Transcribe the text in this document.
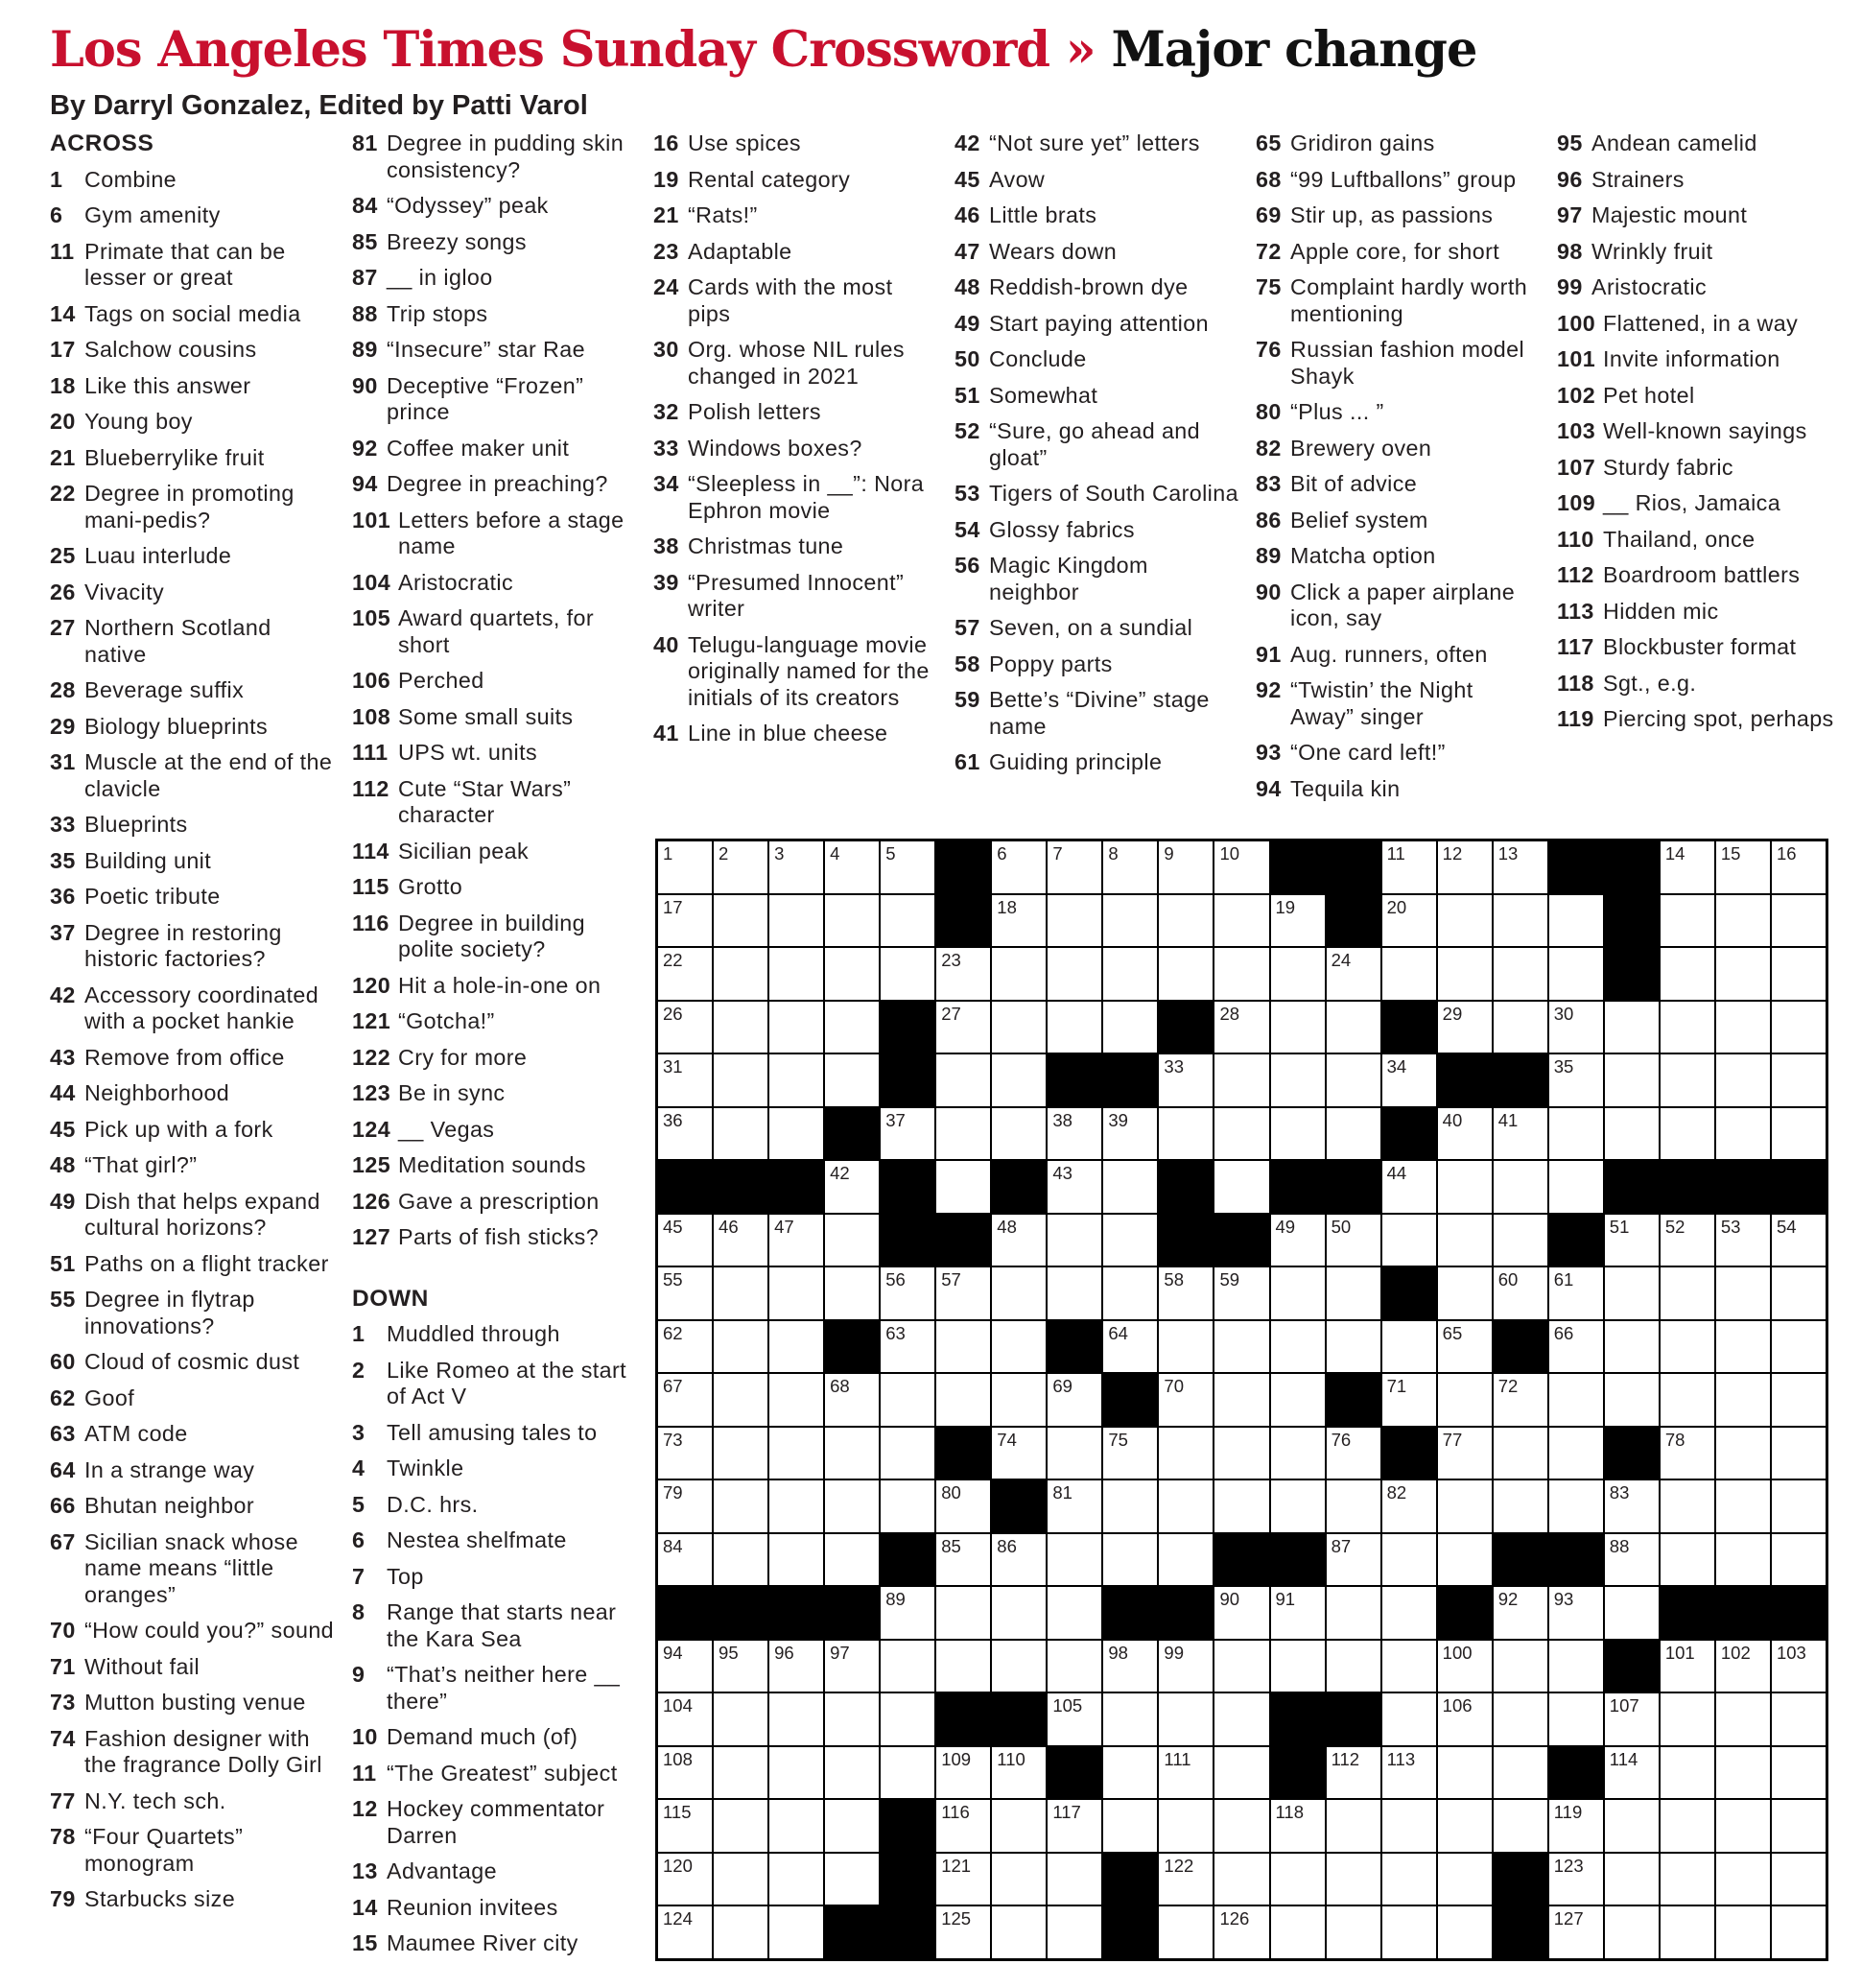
Los Angeles Times Sunday Crossword » Major change
By Darryl Gonzalez, Edited by Patti Varol
ACROSS
1 Combine
6 Gym amenity
11 Primate that can be lesser or great
14 Tags on social media
17 Salchow cousins
18 Like this answer
20 Young boy
21 Blueberrylike fruit
22 Degree in promoting mani-pedis?
25 Luau interlude
26 Vivacity
27 Northern Scotland native
28 Beverage suffix
29 Biology blueprints
31 Muscle at the end of the clavicle
33 Blueprints
35 Building unit
36 Poetic tribute
37 Degree in restoring historic factories?
42 Accessory coordinated with a pocket hankie
43 Remove from office
44 Neighborhood
45 Pick up with a fork
48 “That girl?”
49 Dish that helps expand cultural horizons?
51 Paths on a flight tracker
55 Degree in flytrap innovations?
60 Cloud of cosmic dust
62 Goof
63 ATM code
64 In a strange way
66 Bhutan neighbor
67 Sicilian snack whose name means “little oranges”
70 “How could you?” sound
71 Without fail
73 Mutton busting venue
74 Fashion designer with the fragrance Dolly Girl
77 N.Y. tech sch.
78 “Four Quartets” monogram
79 Starbucks size
81 Degree in pudding skin consistency?
84 “Odyssey” peak
85 Breezy songs
87 __ in igloo
88 Trip stops
89 “Insecure” star Rae
90 Deceptive “Frozen” prince
92 Coffee maker unit
94 Degree in preaching?
101 Letters before a stage name
104 Aristocratic
105 Award quartets, for short
106 Perched
108 Some small suits
111 UPS wt. units
112 Cute “Star Wars” character
114 Sicilian peak
115 Grotto
116 Degree in building polite society?
120 Hit a hole-in-one on
121 “Gotcha!”
122 Cry for more
123 Be in sync
124 __ Vegas
125 Meditation sounds
126 Gave a prescription
127 Parts of fish sticks?
DOWN
1 Muddled through
2 Like Romeo at the start of Act V
3 Tell amusing tales to
4 Twinkle
5 D.C. hrs.
6 Nestea shelfmate
7 Top
8 Range that starts near the Kara Sea
9 “That’s neither here __ there”
10 Demand much (of)
11 “The Greatest” subject
12 Hockey commentator Darren
13 Advantage
14 Reunion invitees
15 Maumee River city
16 Use spices
19 Rental category
21 “Rats!”
23 Adaptable
24 Cards with the most pips
30 Org. whose NIL rules changed in 2021
32 Polish letters
33 Windows boxes?
34 “Sleepless in __”: Nora Ephron movie
38 Christmas tune
39 “Presumed Innocent” writer
40 Telugu-language movie originally named for the initials of its creators
41 Line in blue cheese
42 “Not sure yet” letters
45 Avow
46 Little brats
47 Wears down
48 Reddish-brown dye
49 Start paying attention
50 Conclude
51 Somewhat
52 “Sure, go ahead and gloat”
53 Tigers of South Carolina
54 Glossy fabrics
56 Magic Kingdom neighbor
57 Seven, on a sundial
58 Poppy parts
59 Bette’s “Divine” stage name
61 Guiding principle
65 Gridiron gains
68 “99 Luftballons” group
69 Stir up, as passions
72 Apple core, for short
75 Complaint hardly worth mentioning
76 Russian fashion model Shayk
80 “Plus ... ”
82 Brewery oven
83 Bit of advice
86 Belief system
89 Matcha option
90 Click a paper airplane icon, say
91 Aug. runners, often
92 “Twistin’ the Night Away” singer
93 “One card left!”
94 Tequila kin
95 Andean camelid
96 Strainers
97 Majestic mount
98 Wrinkly fruit
99 Aristocratic
100 Flattened, in a way
101 Invite information
102 Pet hotel
103 Well-known sayings
107 Sturdy fabric
109 __ Rios, Jamaica
110 Thailand, once
112 Boardroom battlers
113 Hidden mic
117 Blockbuster format
118 Sgt., e.g.
119 Piercing spot, perhaps
1	2	3	4	5	6	7	8	9	10	11 12 13	14 15 16
17	18	19	20
22	23	24
26	27	28	29	30
31	33	34	35
36	37	38 39	40 41
42	43	44
45 46 47	48	49 50	51 52 53 54
55	56 57	58 59	60 61
62	63	64	65	66
67	68	69	70	71	72
73	74	75	76	77	78
79	80	81	82	83
84	85 86	87	88
89	90 91	92 93
94 95 96 97	98 99	100	101 102 103
104	105	106	107
108	109 110	111	112 113	114
115	116	117	118	119
120	121	122	123
124	125	126	127
